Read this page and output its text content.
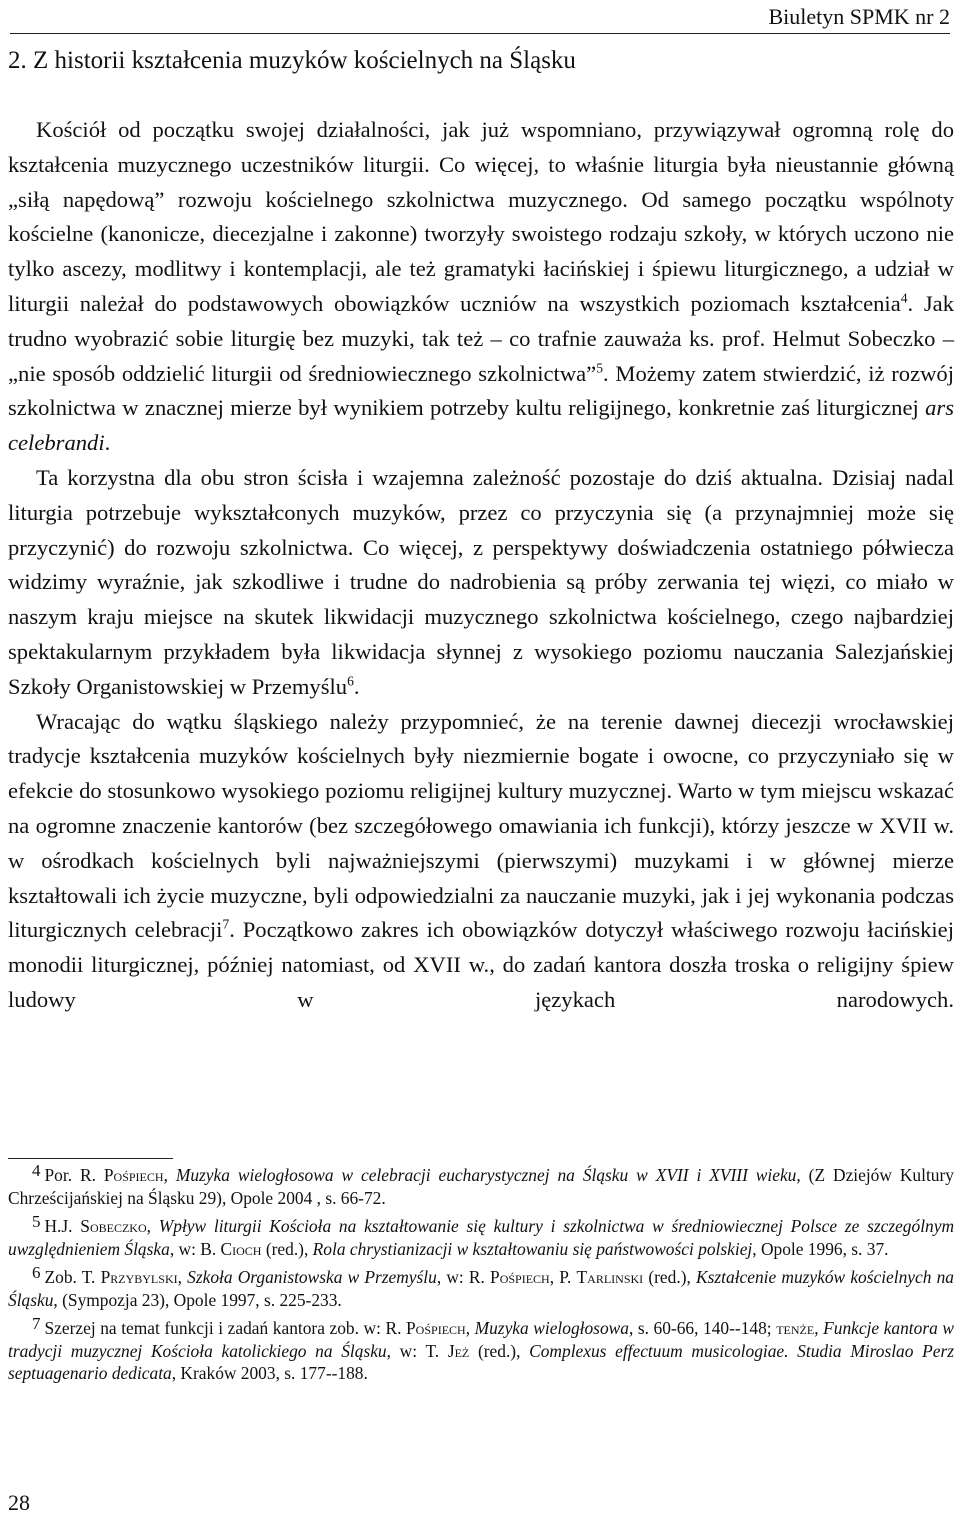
Biuletyn SPMK nr 2
2. Z historii kształcenia muzyków kościelnych na Śląsku

Kościół od początku swojej działalności, jak już wspomniano, przywiązywał ogromną rolę do kształcenia muzycznego uczestników liturgii. Co więcej, to właśnie liturgia była nieustannie główną „siłą napędową” rozwoju kościelnego szkolnictwa muzycznego. Od samego początku wspólnoty kościelne (kanonicze, diecezjalne i zakonne) tworzyły swoistego rodzaju szkoły, w których uczono nie tylko ascezy, modlitwy i kontemplacji, ale też gramatyki łacińskiej i śpiewu liturgicznego, a udział w liturgii należał do podstawowych obowiązków uczniów na wszystkich poziomach kształcenia$^4$. Jak trudno wyobrazić sobie liturgię bez muzyki, tak też – co trafnie zauważa ks. prof. Helmut Sobeczko – „nie sposób oddzielić liturgii od średniowiecznego szkolnictwa”$^5$. Możemy zatem stwierdzić, iż rozwój szkolnictwa w znacznej mierze był wynikiem potrzeby kultu religijnego, konkretnie zaś liturgicznej ars celebrandi.

Ta korzystna dla obu stron ścisła i wzajemna zależność pozostaje do dziś aktualna. Dzisiaj nadal liturgia potrzebuje wykształconych muzyków, przez co przyczynia się (a przynajmniej może się przyczynić) do rozwoju szkolnictwa. Co więcej, z perspektywy doświadczenia ostatniego półwiecza widzimy wyraźnie, jak szkodliwe i trudne do nadrobienia są próby zerwania tej więzi, co miało w naszym kraju miejsce na skutek likwidacji muzycznego szkolnictwa kościelnego, czego najbardziej spektakularnym przykładem była likwidacja słynnej z wysokiego poziomu nauczania Salezjańskiej Szkoły Organistowskiej w Przemyślu$^6$.

Wracając do wątku śląskiego należy przypomnieć, że na terenie dawnej diecezji wrocławskiej tradycje kształcenia muzyków kościelnych były niezmiernie bogate i owocne, co przyczyniało się w efekcie do stosunkowo wysokiego poziomu religijnej kultury muzycznej. Warto w tym miejscu wskazać na ogromne znaczenie kantorów (bez szczegółowego omawiania ich funkcji), którzy jeszcze w XVII w. w ośrodkach kościelnych byli najważniejszymi (pierwszymi) muzykami i w głównej mierze kształtowali ich życie muzyczne, byli odpowiedzialni za nauczanie muzyki, jak i jej wykonania podczas liturgicznych celebracji$^7$. Początkowo zakres ich obowiązków dotyczył właściwego rozwoju łacińskiej monodii liturgicznej, później natomiast, od XVII w., do zadań kantora doszła troska o religijny śpiew ludowy w językach narodowych.

4 Por. R. Pośpiech, Muzyka wielogłosowa w celebracji eucharystycznej na Śląsku w XVII i XVIII wieku, (Z Dziejów Kultury Chrześcijańskiej na Śląsku 29), Opole 2004 , s. 66-72.

5 H.J. Sobeczko, Wpływ liturgii Kościoła na kształtowanie się kultury i szkolnictwa w średniowiecznej Polsce ze szczególnym uwzględnieniem Śląska, w: B. Cioch (red.), Rola chrystianizacji w kształtowaniu się państwowości polskiej, Opole 1996, s. 37.

6 Zob. T. Przybylski, Szkoła Organistowska w Przemyślu, w: R. Pośpiech, P. Tarlinski (red.), Kształcenie muzyków kościelnych na Śląsku, (Sympozja 23), Opole 1997, s. 225-233.

7 Szerzej na temat funkcji i zadań kantora zob. w: R. Pośpiech, Muzyka wielogłosowa, s. 60-66, 140--148; tenże, Funkcje kantora w tradycji muzycznej Kościoła katolickiego na Śląsku, w: T. Jeż (red.), Complexus effectuum musicologiae. Studia Miroslao Perz septuagenario dedicata, Kraków 2003, s. 177--188.

28
